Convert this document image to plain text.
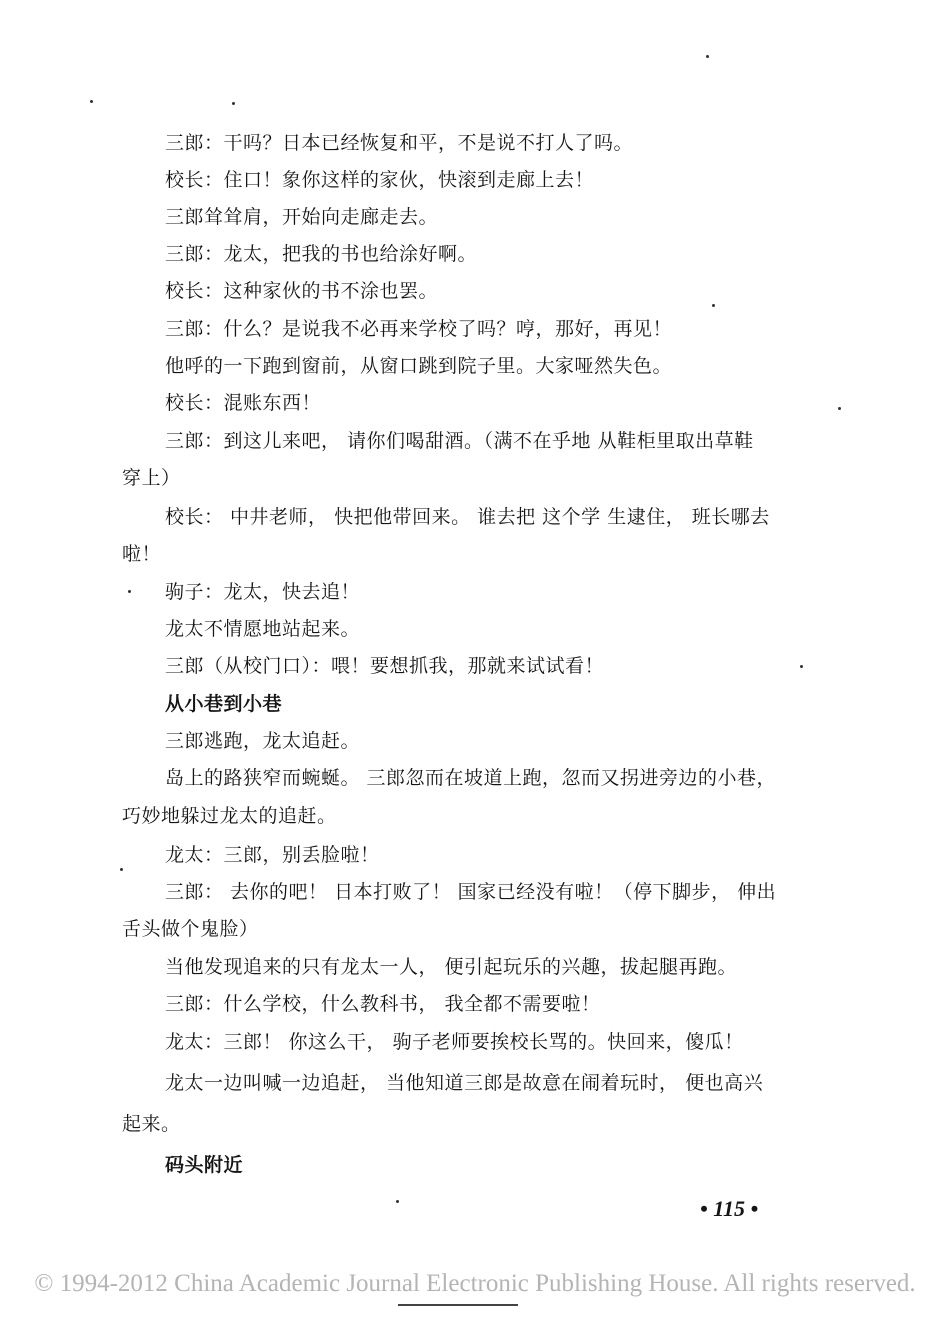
三郎：干吗？日本已经恢复和平，不是说不打人了吗。
校长：住口！象你这样的家伙，快滚到走廊上去！
三郎耸耸肩，开始向走廊走去。
三郎：龙太，把我的书也给涂好啊。
校长：这种家伙的书不涂也罢。
三郎：什么？是说我不必再来学校了吗？哼，那好，再见！
他呼的一下跑到窗前，从窗口跳到院子里。大家哑然失色。
校长：混账东西！
三郎：到这儿来吧， 请你们喝甜酒。（满不在乎地 从鞋柜里取出草鞋
穿上）
校长： 中井老师， 快把他带回来。 谁去把 这个学 生逮住， 班长哪去
啦！
驹子：龙太，快去追！
龙太不情愿地站起来。
三郎（从校门口）：喂！要想抓我，那就来试试看！
从小巷到小巷
三郎逃跑，龙太追赶。
岛上的路狭窄而蜿蜒。 三郎忽而在坡道上跑，忽而又拐进旁边的小巷，
巧妙地躲过龙太的追赶。
龙太：三郎，别丢脸啦！
三郎： 去你的吧！ 日本打败了！ 国家已经没有啦！（停下脚步， 伸出
舌头做个鬼脸）
当他发现追来的只有龙太一人， 便引起玩乐的兴趣，拔起腿再跑。
三郎：什么学校，什么教科书， 我全都不需要啦！
龙太：三郎！ 你这么干， 驹子老师要挨校长骂的。快回来，傻瓜！
龙太一边叫喊一边追赶， 当他知道三郎是故意在闹着玩时， 便也高兴
起来。
码头附近
• 115 •
© 1994-2012 China Academic Journal Electronic Publishing House. All rights reserved.
